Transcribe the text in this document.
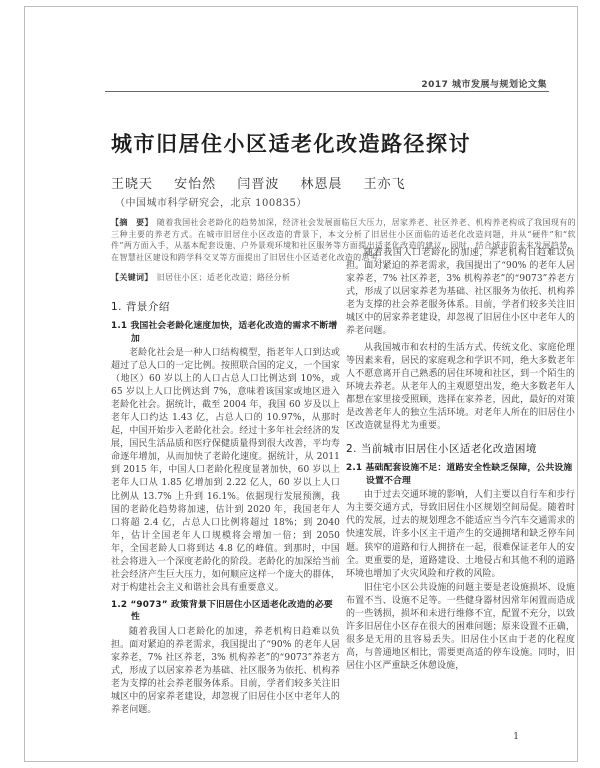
2017 城市发展与规划论文集
城市旧居住小区适老化改造路径探讨
王晓天 安怡然 闫晋波 林恩晨 王亦飞
（中国城市科学研究会，北京 100835）
【摘　要】 随着我国社会老龄化的趋势加深，经济社会发展面临巨大压力，居家养老、社区养老、机构养老构成了我国现有的三种主要的养老方式。在城市旧居住小区改造的背景下，本文分析了旧居住小区面临的适老化改造问题，并从“硬件”和“软件”两方面入手，从基本配套设施、户外景观环境和社区服务等方面提出适老化改造的建议，同时，结合城市的未来发展趋势，在智慧社区建设和跨学科交叉等方面提出了旧居住小区适老化改造的思考。
【关键词】 旧居住小区；适老化改造；路径分析
1. 背景介绍
1.1 我国社会老龄化速度加快，适老化改造的需求不断增加

老龄化社会是一种人口结构模型，指老年人口到达或超过了总人口的一定比例。按照联合国的定义，一个国家（地区）60 岁以上的人口占总人口比例达到 10%，或 65 岁以上人口比例达到 7%，意味着该国家或地区进入老龄化社会。据统计，截至 2004 年，我国 60 岁及以上老年人口约达 1.43 亿，占总人口的 10.97%，从那时起，中国开始步入老龄化社会。经过十多年社会经济的发展，国民生活品质和医疗保健质量得到很大改善，平均寿命逐年增加，从而加快了老龄化速度。据统计，从 2011 到 2015 年，中国人口老龄化程度显著加快，60 岁以上老年人口从 1.85 亿增加到 2.22 亿人，60 岁以上人口比例从 13.7% 上升到 16.1%。依据现行发展预测，我国的老龄化趋势将加速，估计到 2020 年，我国老年人口将超 2.4 亿，占总人口比例将超过 18%；到 2040 年，估计全国老年人口规模将会增加一倍；到 2050 年，全国老龄人口将到达 4.8 亿的峰值。到那时，中国社会将进入一个深度老龄化的阶段。老龄化的加深给当前社会经济产生巨大压力，如何顺应这样一个庞大的群体，对于构建社会主义和谐社会具有重要意义。

1.2 “9073” 政策背景下旧居住小区适老化改造的必要性

随着我国人口老龄化的加速，养老机构日趋难以负担。面对紧迫的养老需求，我国提出了“90% 的老年人居家养老，7% 社区养老，3% 机构养老”的“9073”养老方式，形成了以居家养老为基础、社区服务为依托、机构养老为支撑的社会养老服务体系。目前，学者们较多关注旧城区中的居家养老建设，却忽视了旧居住小区中老年人的养老问题。

随着我国人口老龄化的加速，养老机构日趋难以负担。面对紧迫的养老需求，我国提出了“90% 的老年人居家养老，7% 社区养老，3% 机构养老”的“9073”养老方式，形成了以居家养老为基础、社区服务为依托、机构养老为支撑的社会养老服务体系。目前，学者们较多关注旧城区中的居家养老建设，却忽视了旧居住小区中老年人的养老问题。

从我国城市和农村的生活方式、传统文化、家庭伦理等因素来看，居民的家庭观念和学识不同，绝大多数老年人不愿意离开自己熟悉的居住环境和社区，到一个陌生的环境去养老。从老年人的主观愿望出发，绝大多数老年人都想在家里接受照顾，选择在家养老，因此，最好的对策是改善老年人的独立生活环境。对老年人所在的旧居住小区改造就显得尤为重要。

2. 当前城市旧居住小区适老化改造困境
2.1 基础配套设施不足：道路安全性缺乏保障，公共设施设置不合理

由于过去交通环境的影响，人们主要以自行车和步行为主要交通方式，导致旧居住小区规划空间局促。随着时代的发展，过去的规划理念不能适应当今汽车交通需求的快速发展，许多小区主干道产生的交通拥堵和缺乏停车问题。狭窄的道路和行人拥挤在一起，很难保证老年人的安全。更重要的是，道路建设、土地侵占和其他不利的道路环境也增加了火灾风险和疗救的风险。

旧住宅小区公共设施的问题主要是老设施损坏、设施布置不当、设施不足等。一些健身器材因常年闲置而造成的一些锈损，损坏和未进行维修不宜，配置不充分，以致许多旧居住小区存在很大的困难问题；原来设置不正确，很多是无用的且容易丢失。旧居住小区由于老的化程度高，与普通地区相比，需要更高适的停车设施。同时，旧居住小区严重缺乏休憩设施，

1
